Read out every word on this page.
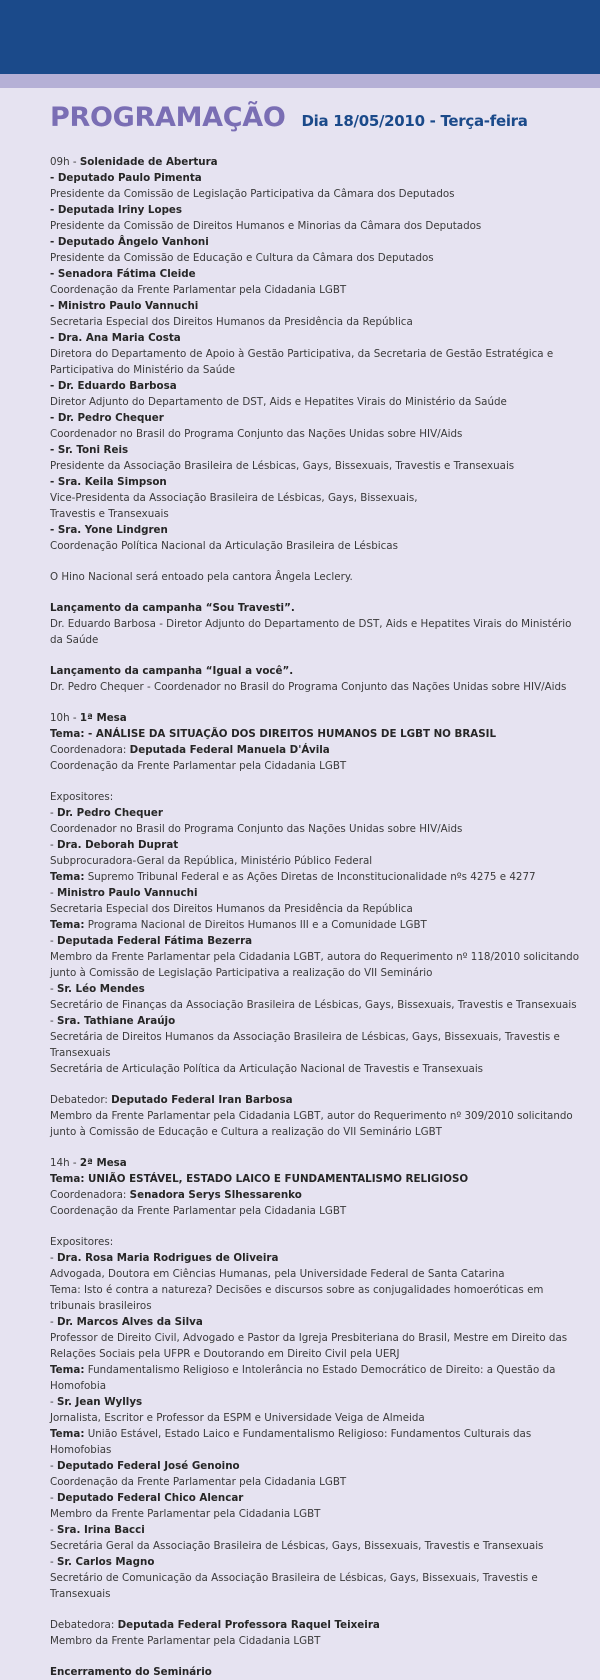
PROGRAMAÇÃO Dia 18/05/2010 - Terça-feira
09h - Solenidade de Abertura
- Deputado Paulo Pimenta
Presidente da Comissão de Legislação Participativa da Câmara dos Deputados
- Deputada Iriny Lopes
Presidente da Comissão de Direitos Humanos e Minorias da Câmara dos Deputados
- Deputado Ângelo Vanhoni
Presidente da Comissão de Educação e Cultura da Câmara dos Deputados
- Senadora Fátima Cleide
Coordenação da Frente Parlamentar pela Cidadania LGBT
- Ministro Paulo Vannuchi
Secretaria Especial dos Direitos Humanos da Presidência da República
- Dra. Ana Maria Costa
Diretora do Departamento de Apoio à Gestão Participativa, da Secretaria de Gestão Estratégica e Participativa do Ministério da Saúde
- Dr. Eduardo Barbosa
Diretor Adjunto do Departamento de DST, Aids e Hepatites Virais do Ministério da Saúde
- Dr. Pedro Chequer
Coordenador no Brasil do Programa Conjunto das Nações Unidas sobre HIV/Aids
- Sr. Toni Reis
Presidente da Associação Brasileira de Lésbicas, Gays, Bissexuais, Travestis e Transexuais
- Sra. Keila Simpson
Vice-Presidenta da Associação Brasileira de Lésbicas, Gays, Bissexuais, Travestis e Transexuais
- Sra. Yone Lindgren
Coordenação Política Nacional da Articulação Brasileira de Lésbicas
O Hino Nacional será entoado pela cantora Ângela Leclery.
Lançamento da campanha “Sou Travesti”.
Dr. Eduardo Barbosa - Diretor Adjunto do Departamento de DST, Aids e Hepatites Virais do Ministério da Saúde
Lançamento da campanha “Igual a você”.
Dr. Pedro Chequer - Coordenador no Brasil do Programa Conjunto das Nações Unidas sobre HIV/Aids
10h - 1ª Mesa
Tema: - ANÁLISE DA SITUAÇÃO DOS DIREITOS HUMANOS DE LGBT NO BRASIL
Coordenadora: Deputada Federal Manuela D'Ávila
Coordenação da Frente Parlamentar pela Cidadania LGBT
Expositores:
- Dr. Pedro Chequer
Coordenador no Brasil do Programa Conjunto das Nações Unidas sobre HIV/Aids
- Dra. Deborah Duprat
Subprocuradora-Geral da República, Ministério Público Federal
Tema: Supremo Tribunal Federal e as Ações Diretas de Inconstitucionalidade nºs 4275 e 4277
- Ministro Paulo Vannuchi
Secretaria Especial dos Direitos Humanos da Presidência da República
Tema: Programa Nacional de Direitos Humanos III e a Comunidade LGBT
- Deputada Federal Fátima Bezerra
Membro da Frente Parlamentar pela Cidadania LGBT, autora do Requerimento nº 118/2010 solicitando junto à Comissão de Legislação Participativa a realização do VII Seminário
- Sr. Léo Mendes
Secretário de Finanças da Associação Brasileira de Lésbicas, Gays, Bissexuais, Travestis e Transexuais
- Sra. Tathiane Araújo
Secretária de Direitos Humanos da Associação Brasileira de Lésbicas, Gays, Bissexuais, Travestis e Transexuais
Secretária de Articulação Política da Articulação Nacional de Travestis e Transexuais
Debatedor: Deputado Federal Iran Barbosa
Membro da Frente Parlamentar pela Cidadania LGBT, autor do Requerimento nº 309/2010 solicitando junto à Comissão de Educação e Cultura a realização do VII Seminário LGBT
14h - 2ª Mesa
Tema: UNIÃO ESTÁVEL, ESTADO LAICO E FUNDAMENTALISMO RELIGIOSO
Coordenadora: Senadora Serys Slhessarenko
Coordenação da Frente Parlamentar pela Cidadania LGBT
Expositores:
- Dra. Rosa Maria Rodrigues de Oliveira
Advogada, Doutora em Ciências Humanas, pela Universidade Federal de Santa Catarina
Tema: Isto é contra a natureza? Decisões e discursos sobre as conjugalidades homoeróticas em tribunais brasileiros
- Dr. Marcos Alves da Silva
Professor de Direito Civil, Advogado e Pastor da Igreja Presbiteriana do Brasil, Mestre em Direito das Relações Sociais pela UFPR e Doutorando em Direito Civil pela UERJ
Tema: Fundamentalismo Religioso e Intolerância no Estado Democrático de Direito: a Questão da Homofobia
- Sr. Jean Wyllys
Jornalista, Escritor e Professor da ESPM e Universidade Veiga de Almeida
Tema: União Estável, Estado Laico e Fundamentalismo Religioso: Fundamentos Culturais das Homofobias
- Deputado Federal José Genoino
Coordenação da Frente Parlamentar pela Cidadania LGBT
- Deputado Federal Chico Alencar
Membro da Frente Parlamentar pela Cidadania LGBT
- Sra. Irina Bacci
Secretária Geral da Associação Brasileira de Lésbicas, Gays, Bissexuais, Travestis e Transexuais
- Sr. Carlos Magno
Secretário de Comunicação da Associação Brasileira de Lésbicas, Gays, Bissexuais, Travestis e Transexuais
Debatedora: Deputada Federal Professora Raquel Teixeira
Membro da Frente Parlamentar pela Cidadania LGBT
Encerramento do Seminário
